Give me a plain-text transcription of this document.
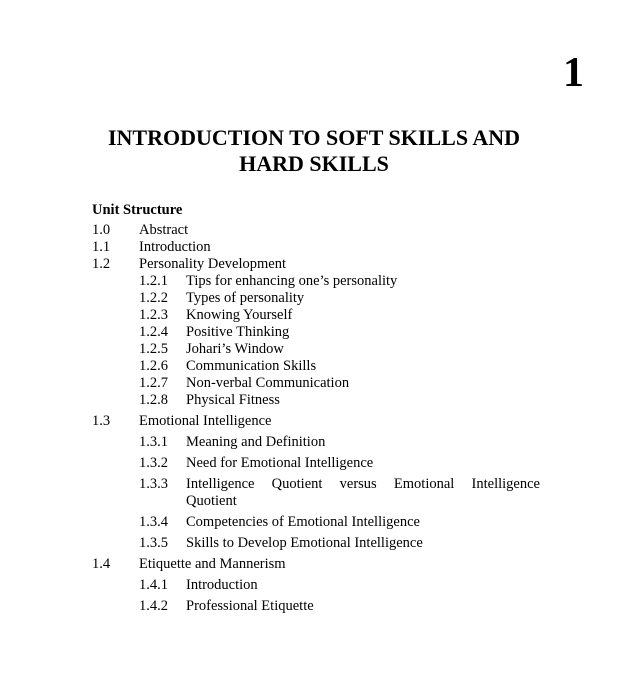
1
INTRODUCTION TO SOFT SKILLS AND
HARD SKILLS
Unit Structure
1.0 Abstract
1.1 Introduction
1.2 Personality Development
1.2.1 Tips for enhancing one’s personality
1.2.2 Types of personality
1.2.3 Knowing Yourself
1.2.4 Positive Thinking
1.2.5 Johari’s Window
1.2.6 Communication Skills
1.2.7 Non-verbal Communication
1.2.8 Physical Fitness
1.3 Emotional Intelligence
1.3.1 Meaning and Definition
1.3.2 Need for Emotional Intelligence
1.3.3 Intelligence Quotient versus Emotional Intelligence
Quotient
1.3.4 Competencies of Emotional Intelligence
1.3.5 Skills to Develop Emotional Intelligence
1.4 Etiquette and Mannerism
1.4.1 Introduction
1.4.2 Professional Etiquette
